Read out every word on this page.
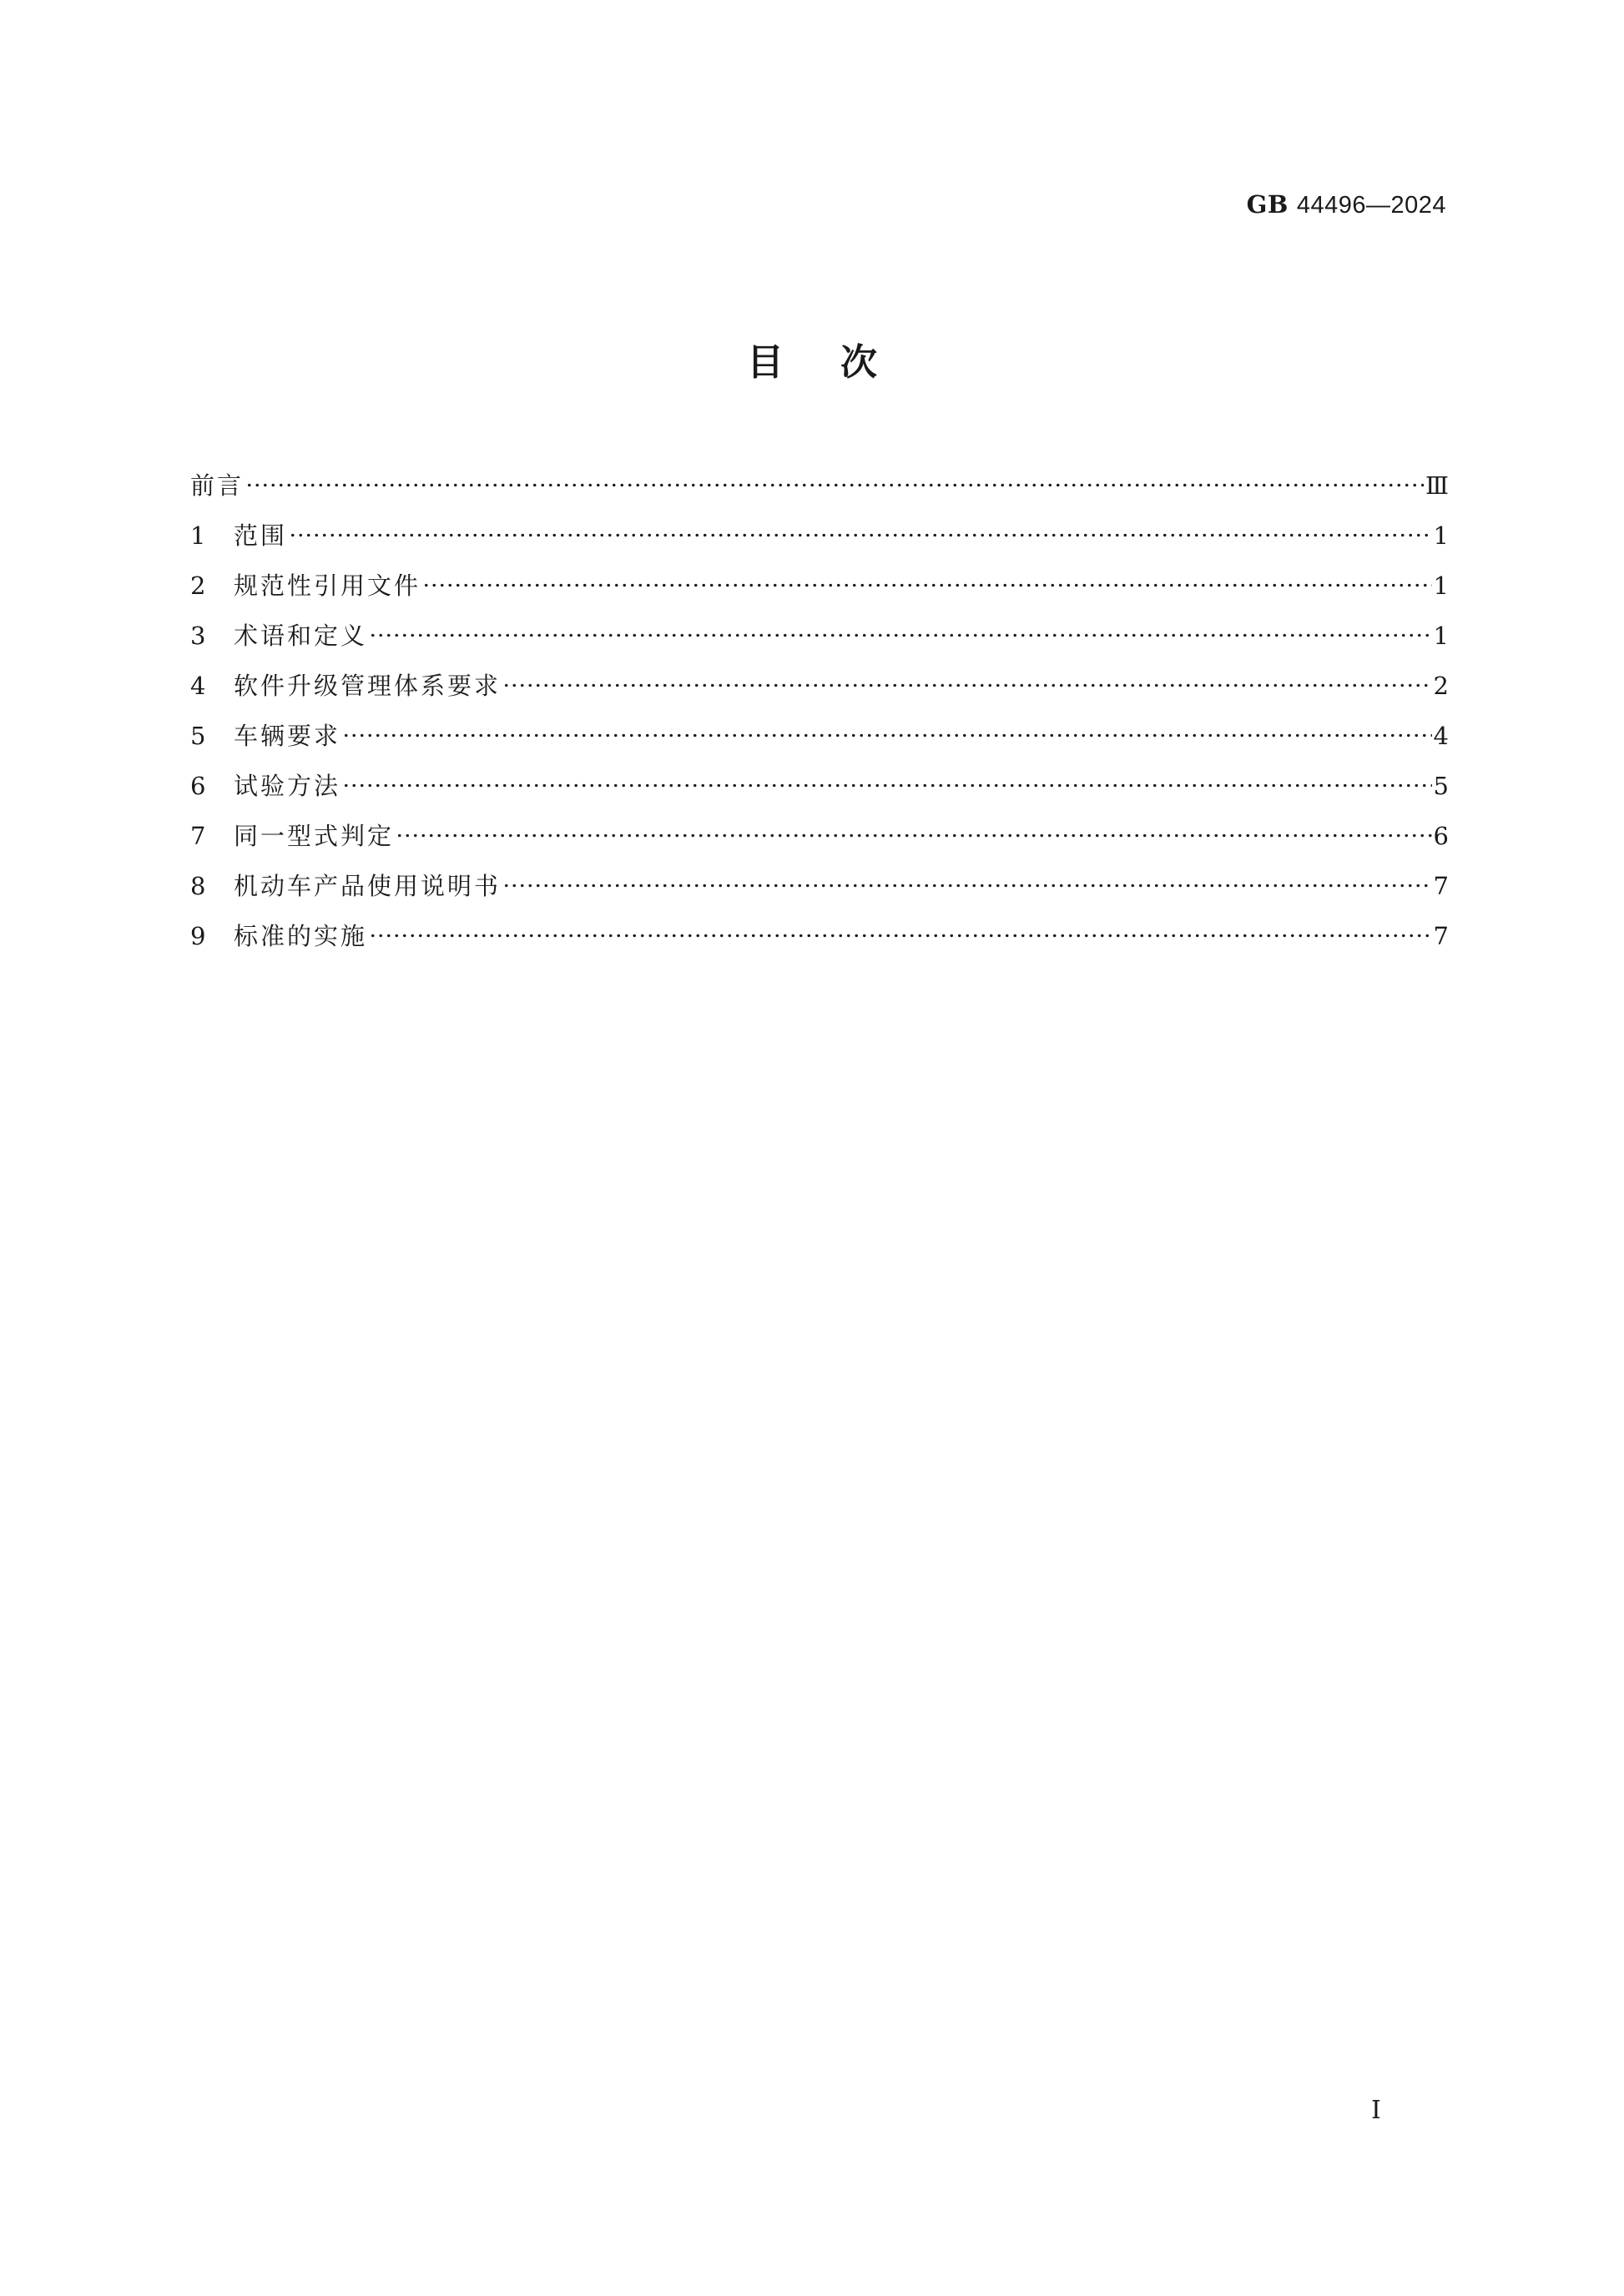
GB 44496—2024
目次
前言	Ⅲ
1	范围	1
2	规范性引用文件	1
3	术语和定义	1
4	软件升级管理体系要求	2
5	车辆要求	4
6	试验方法	5
7	同一型式判定	6
8	机动车产品使用说明书	7
9	标准的实施	7
Ⅰ
